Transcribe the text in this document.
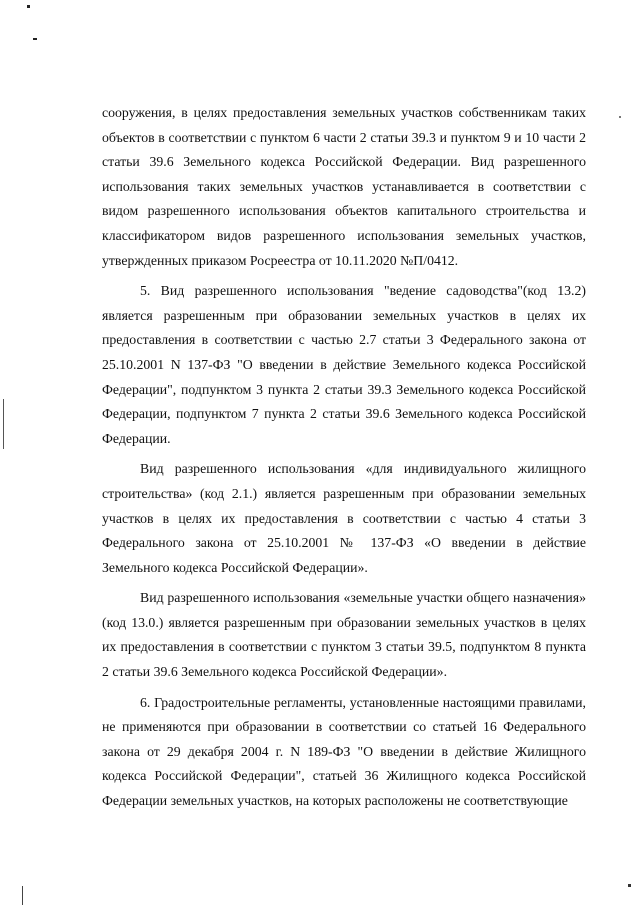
сооружения, в целях предоставления земельных участков собственникам таких объектов в соответствии с пунктом 6 части 2 статьи 39.3 и пунктом 9 и 10 части 2 статьи 39.6 Земельного кодекса Российской Федерации. Вид разрешенного использования таких земельных участков устанавливается в соответствии с видом разрешенного использования объектов капитального строительства и классификатором видов разрешенного использования земельных участков, утвержденных приказом Росреестра от 10.11.2020 №П/0412.

5. Вид разрешенного использования "ведение садоводства"(код 13.2) является разрешенным при образовании земельных участков в целях их предоставления в соответствии с частью 2.7 статьи 3 Федерального закона от 25.10.2001 N 137-ФЗ "О введении в действие Земельного кодекса Российской Федерации", подпунктом 3 пункта 2 статьи 39.3 Земельного кодекса Российской Федерации, подпунктом 7 пункта 2 статьи 39.6 Земельного кодекса Российской Федерации.

Вид разрешенного использования «для индивидуального жилищного строительства» (код 2.1.) является разрешенным при образовании земельных участков в целях их предоставления в соответствии с частью 4 статьи 3 Федерального закона от 25.10.2001 № 137-ФЗ «О введении в действие Земельного кодекса Российской Федерации».

Вид разрешенного использования «земельные участки общего назначения» (код 13.0.) является разрешенным при образовании земельных участков в целях их предоставления в соответствии с пунктом 3 статьи 39.5, подпунктом 8 пункта 2 статьи 39.6 Земельного кодекса Российской Федерации».

6. Градостроительные регламенты, установленные настоящими правилами, не применяются при образовании в соответствии со статьей 16 Федерального закона от 29 декабря 2004 г. N 189-ФЗ "О введении в действие Жилищного кодекса Российской Федерации", статьей 36 Жилищного кодекса Российской Федерации земельных участков, на которых расположены не соответствующие
